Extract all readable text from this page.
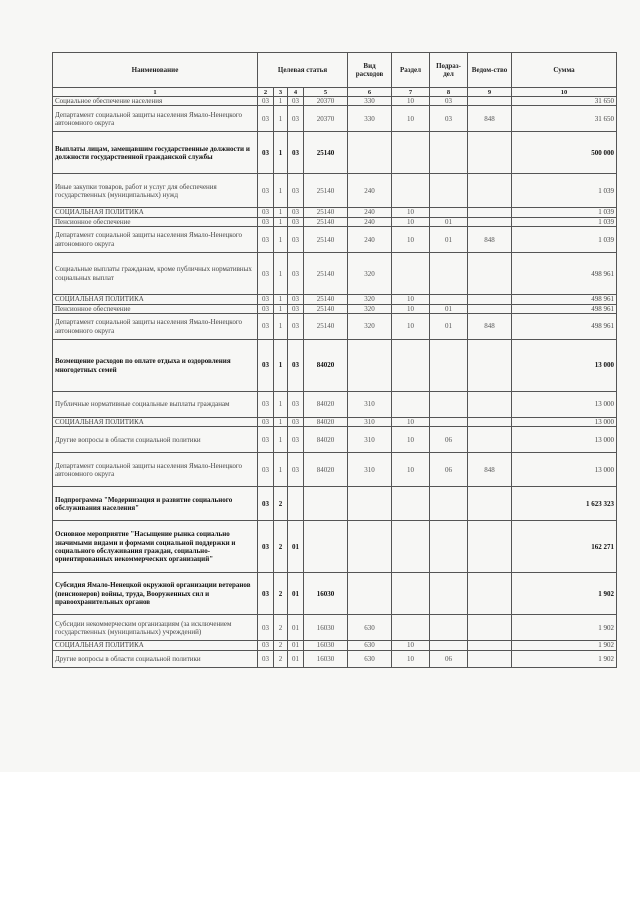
Наименование	Целевая статья				Вид расходов	Раздел	Подраз-дел	Ведом-ство	Сумма
1	2	3	4	5	6	7	8	9	10
Социальное обеспечение населения	03	1	03	20370	330	10	03		31 650
Департамент социальной защиты населения Ямало-Ненецкого автономного округа	03	1	03	20370	330	10	03	848	31 650
Выплаты лицам, замещавшим государственные должности и должности государственной гражданской службы	03	1	03	25140					500 000
Иные закупки товаров, работ и услуг для обеспечения государственных (муниципальных) нужд	03	1	03	25140	240				1 039
СОЦИАЛЬНАЯ ПОЛИТИКА	03	1	03	25140	240	10			1 039
Пенсионное обеспечение	03	1	03	25140	240	10	01		1 039
Департамент социальной защиты населения Ямало-Ненецкого автономного округа	03	1	03	25140	240	10	01	848	1 039
Социальные выплаты гражданам, кроме публичных нормативных социальных выплат	03	1	03	25140	320				498 961
СОЦИАЛЬНАЯ ПОЛИТИКА	03	1	03	25140	320	10			498 961
Пенсионное обеспечение	03	1	03	25140	320	10	01		498 961
Департамент социальной защиты населения Ямало-Ненецкого автономного округа	03	1	03	25140	320	10	01	848	498 961
Возмещение расходов по оплате отдыха и оздоровления многодетных семей	03	1	03	84020					13 000
Публичные нормативные социальные выплаты гражданам	03	1	03	84020	310				13 000
СОЦИАЛЬНАЯ ПОЛИТИКА	03	1	03	84020	310	10			13 000
Другие вопросы в области социальной политики	03	1	03	84020	310	10	06		13 000
Департамент социальной защиты населения Ямало-Ненецкого автономного округа	03	1	03	84020	310	10	06	848	13 000
Подпрограмма "Модернизация и развитие социального обслуживания населения"	03	2							1 623 323
Основное мероприятие "Насыщение рынка социально значимыми видами и формами социальной поддержки и социального обслуживания граждан, социально-ориентированных некоммерческих организаций"	03	2	01						162 271
Субсидия Ямало-Ненецкой окружной организации ветеранов (пенсионеров) войны, труда, Вооруженных сил и правоохранительных органов	03	2	01	16030					1 902
Субсидии некоммерческим организациям (за исключением государственных (муниципальных) учреждений)	03	2	01	16030	630				1 902
СОЦИАЛЬНАЯ ПОЛИТИКА	03	2	01	16030	630	10			1 902
Другие вопросы в области социальной политики	03	2	01	16030	630	10	06		1 902
